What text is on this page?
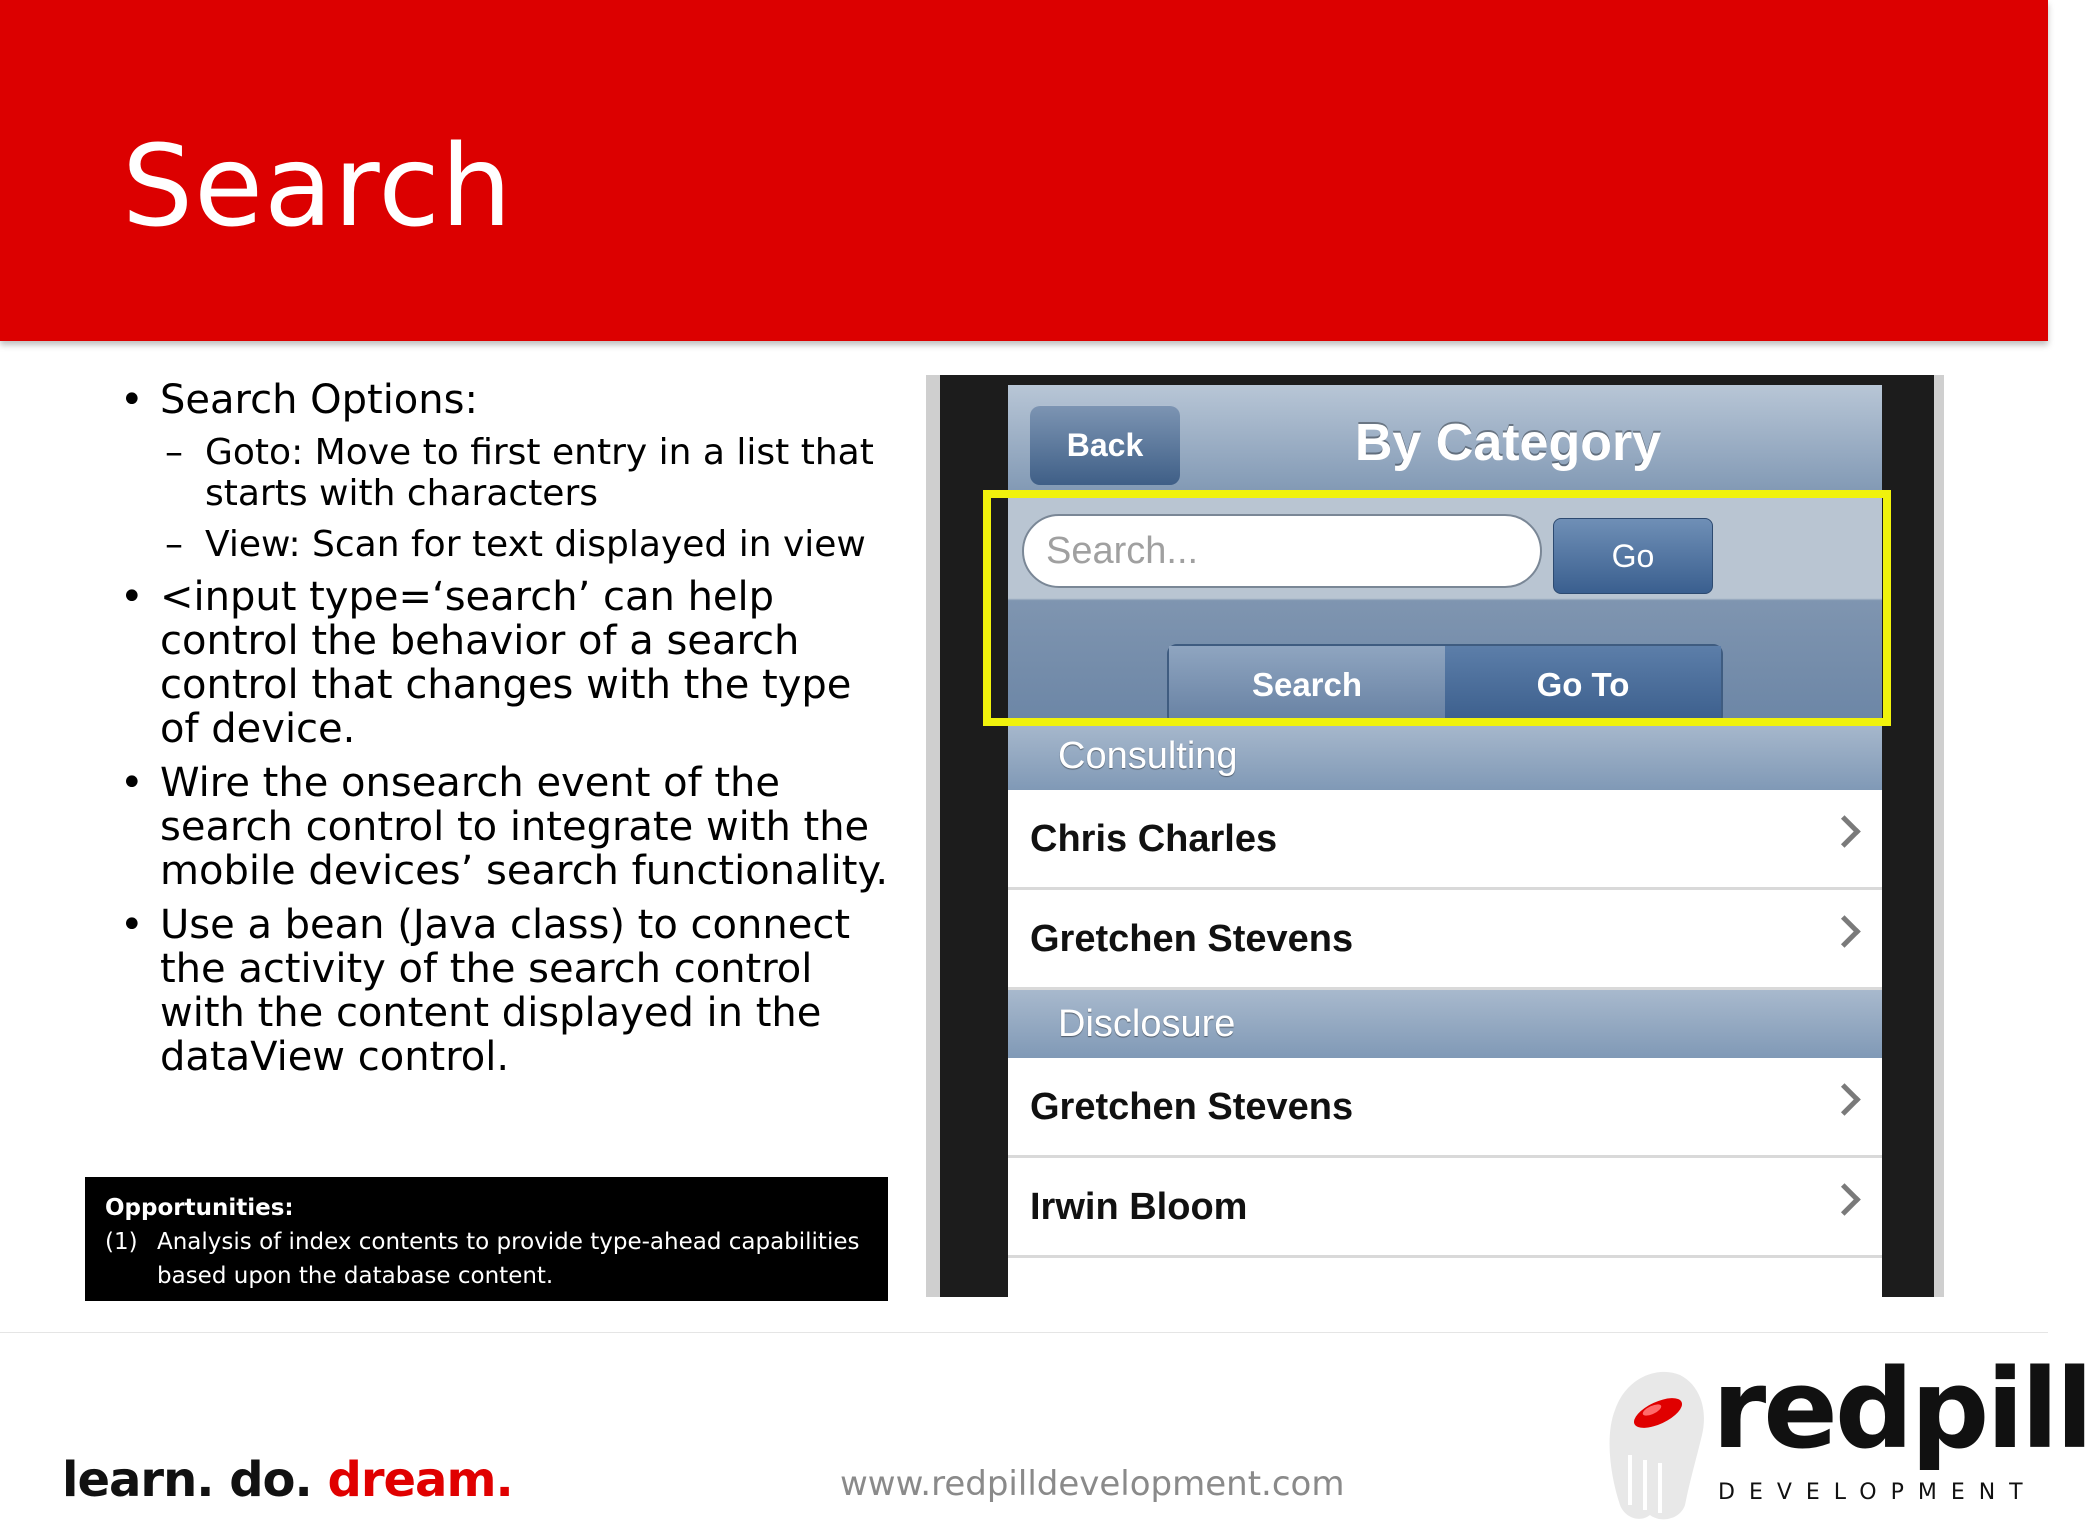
Search
• Search Options:
– Goto: Move to first entry in a list that starts with characters
– View: Scan for text displayed in view
• <input type=‘search’ can help control the behavior of a search control that changes with the type of device.
• Wire the onsearch event of the search control to integrate with the mobile devices’ search functionality.
• Use a bean (Java class) to connect the activity of the search control with the content displayed in the dataView control.
Opportunities:
(1) Analysis of index contents to provide type-ahead capabilities based upon the database content.
Back	By Category
Search...	Go
Search	Go To
Consulting
Chris Charles
Gretchen Stevens
Disclosure
Gretchen Stevens
Irwin Bloom
learn. do. dream.	www.redpilldevelopment.com
redpill
DEVELOPMENT
